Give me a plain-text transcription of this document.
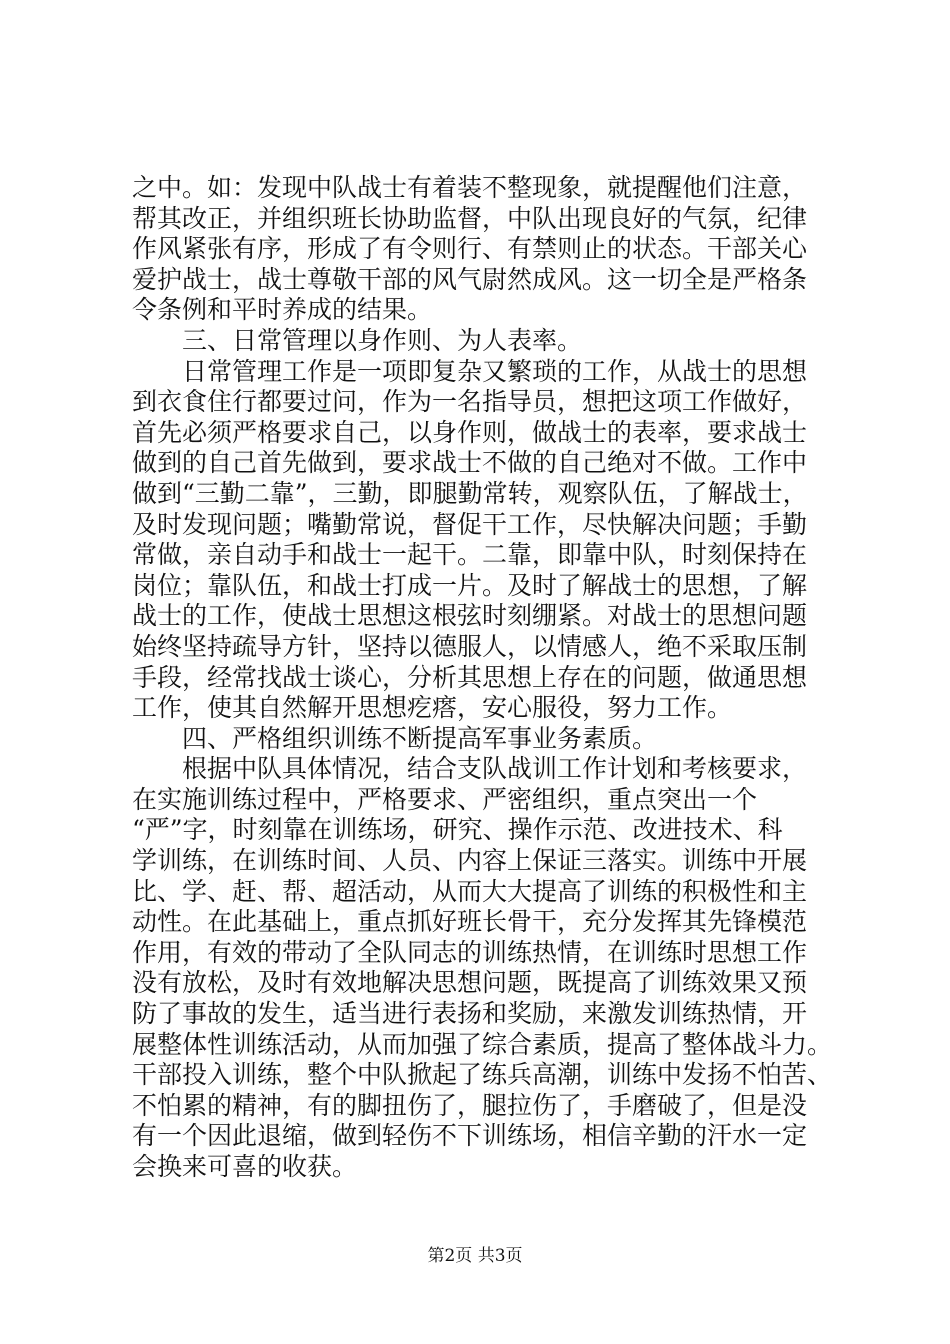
之中。如：发现中队战士有着装不整现象，就提醒他们注意，
帮其改正，并组织班长协助监督，中队出现良好的气氛，纪律
作风紧张有序，形成了有令则行、有禁则止的状态。干部关心
爱护战士，战士尊敬干部的风气尉然成风。这一切全是严格条
令条例和平时养成的结果。
　　三、日常管理以身作则、为人表率。
　　日常管理工作是一项即复杂又繁琐的工作，从战士的思想
到衣食住行都要过问，作为一名指导员，想把这项工作做好，
首先必须严格要求自己，以身作则，做战士的表率，要求战士
做到的自己首先做到，要求战士不做的自己绝对不做。工作中
做到“三勤二靠”，三勤，即腿勤常转，观察队伍，了解战士，
及时发现问题；嘴勤常说，督促干工作，尽快解决问题；手勤
常做，亲自动手和战士一起干。二靠，即靠中队，时刻保持在
岗位；靠队伍，和战士打成一片。及时了解战士的思想，了解
战士的工作，使战士思想这根弦时刻绷紧。对战士的思想问题
始终坚持疏导方针，坚持以德服人，以情感人，绝不采取压制
手段，经常找战士谈心，分析其思想上存在的问题，做通思想
工作，使其自然解开思想疙瘩，安心服役，努力工作。
　　四、严格组织训练不断提高军事业务素质。
　　根据中队具体情况，结合支队战训工作计划和考核要求，
在实施训练过程中，严格要求、严密组织，重点突出一个
“严”字，时刻靠在训练场，研究、操作示范、改进技术、科
学训练，在训练时间、人员、内容上保证三落实。训练中开展
比、学、赶、帮、超活动，从而大大提高了训练的积极性和主
动性。在此基础上，重点抓好班长骨干，充分发挥其先锋模范
作用，有效的带动了全队同志的训练热情，在训练时思想工作
没有放松，及时有效地解决思想问题，既提高了训练效果又预
防了事故的发生，适当进行表扬和奖励，来激发训练热情，开
展整体性训练活动，从而加强了综合素质，提高了整体战斗力。
干部投入训练，整个中队掀起了练兵高潮，训练中发扬不怕苦、
不怕累的精神，有的脚扭伤了，腿拉伤了，手磨破了，但是没
有一个因此退缩，做到轻伤不下训练场，相信辛勤的汗水一定
会换来可喜的收获。
第2页 共3页
